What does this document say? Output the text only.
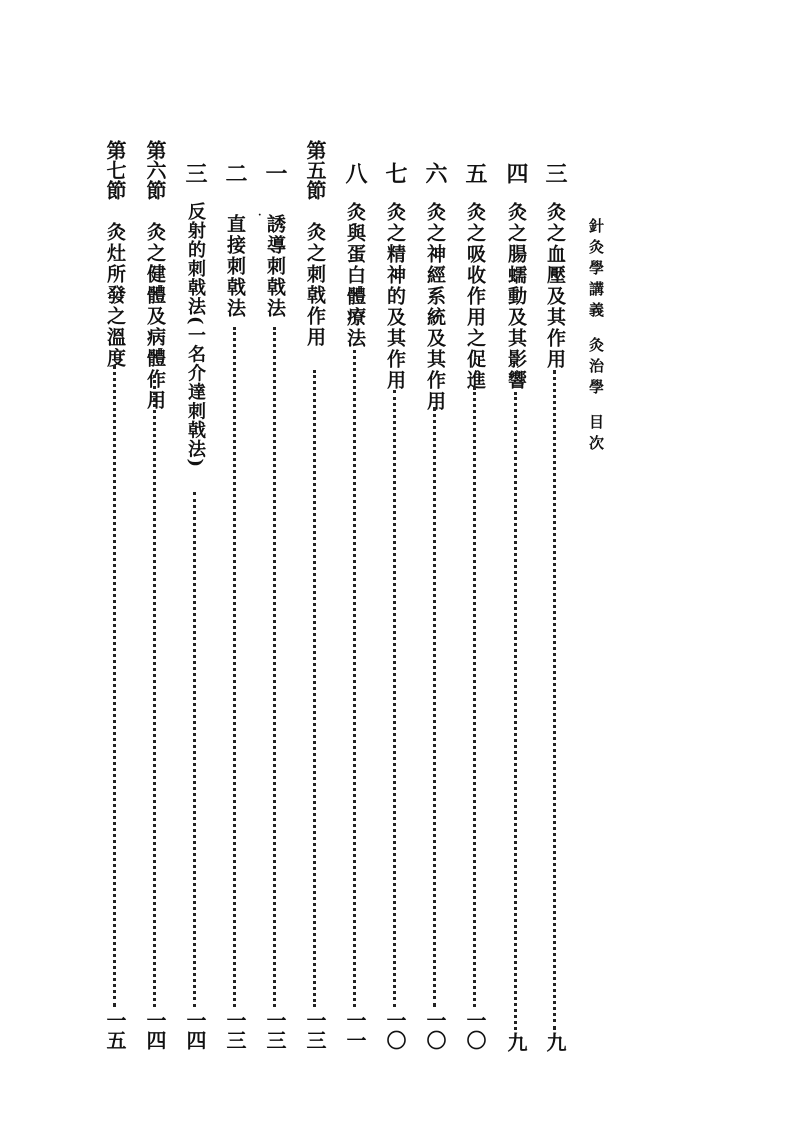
針灸學講義灸治學目次
三
灸之血壓及其作用
九
四
灸之腸蠕動及其影響
九
五
灸之吸收作用之促進
一〇
六
灸之神經系統及其作用
一〇
七
灸之精神的及其作用
一〇
八
灸與蛋白體療法
一一
第五節
灸之刺戟作用
一三
一
誘導刺戟法
一三
·
二
直接刺戟法
一三
三
反射的刺戟法(一名介達刺戟法)
一四
第六節
灸之健體及病體作用
一四
第七節
灸灶所發之溫度
一五
